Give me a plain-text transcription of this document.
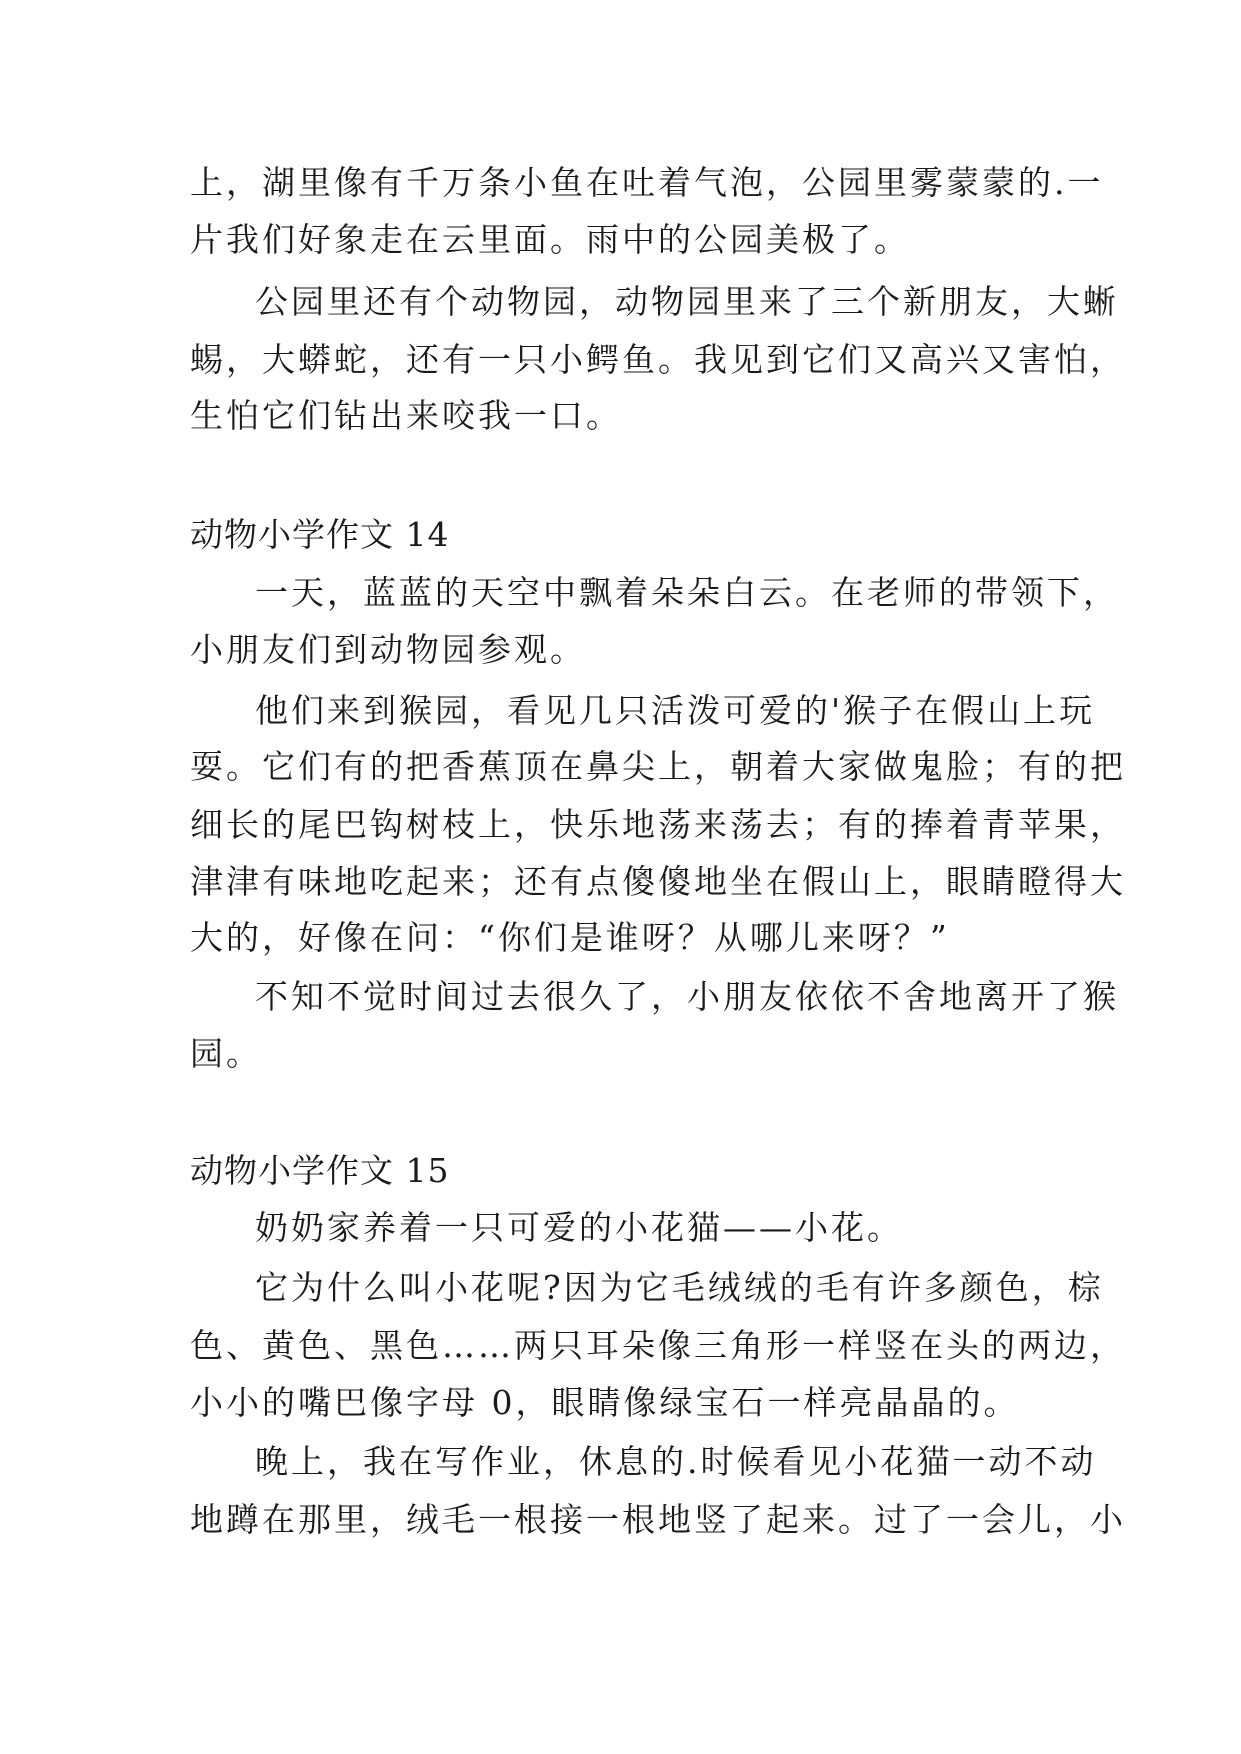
上，湖里像有千万条小鱼在吐着气泡，公园里雾蒙蒙的.一
片我们好象走在云里面。雨中的公园美极了。
公园里还有个动物园，动物园里来了三个新朋友，大蜥
蜴，大蟒蛇，还有一只小鳄鱼。我见到它们又高兴又害怕，
生怕它们钻出来咬我一口。
动物小学作文 14
一天，蓝蓝的天空中飘着朵朵白云。在老师的带领下，
小朋友们到动物园参观。
他们来到猴园，看见几只活泼可爱的'猴子在假山上玩
耍。它们有的把香蕉顶在鼻尖上，朝着大家做鬼脸；有的把
细长的尾巴钩树枝上，快乐地荡来荡去；有的捧着青苹果，
津津有味地吃起来；还有点傻傻地坐在假山上，眼睛瞪得大
大的，好像在问：“你们是谁呀？从哪儿来呀？”
不知不觉时间过去很久了，小朋友依依不舍地离开了猴
园。
动物小学作文 15
奶奶家养着一只可爱的小花猫——小花。
它为什么叫小花呢?因为它毛绒绒的毛有许多颜色，棕
色、黄色、黑色……两只耳朵像三角形一样竖在头的两边，
小小的嘴巴像字母 0，眼睛像绿宝石一样亮晶晶的。
晚上，我在写作业，休息的.时候看见小花猫一动不动
地蹲在那里，绒毛一根接一根地竖了起来。过了一会儿，小
